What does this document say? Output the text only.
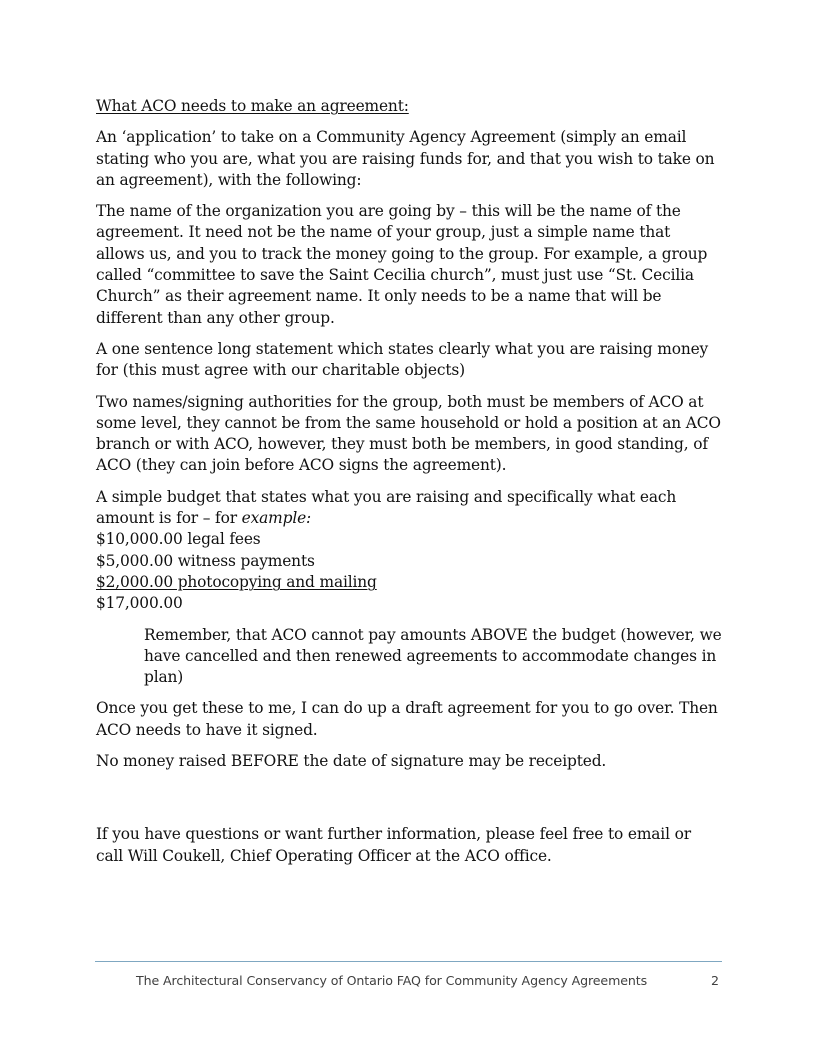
What ACO needs to make an agreement:

An ‘application’ to take on a Community Agency Agreement (simply an email stating who you are, what you are raising funds for, and that you wish to take on an agreement), with the following:

The name of the organization you are going by – this will be the name of the agreement. It need not be the name of your group, just a simple name that allows us, and you to track the money going to the group. For example, a group called “committee to save the Saint Cecilia church”, must just use “St. Cecilia Church” as their agreement name. It only needs to be a name that will be different than any other group.

A one sentence long statement which states clearly what you are raising money for (this must agree with our charitable objects)

Two names/signing authorities for the group, both must be members of ACO at some level, they cannot be from the same household or hold a position at an ACO branch or with ACO, however, they must both be members, in good standing, of ACO (they can join before ACO signs the agreement).

A simple budget that states what you are raising and specifically what each amount is for – for example:
$10,000.00 legal fees
$5,000.00 witness payments
$2,000.00 photocopying and mailing
$17,000.00

Remember, that ACO cannot pay amounts ABOVE the budget (however, we have cancelled and then renewed agreements to accommodate changes in plan)

Once you get these to me, I can do up a draft agreement for you to go over. Then ACO needs to have it signed.

No money raised BEFORE the date of signature may be receipted.

If you have questions or want further information, please feel free to email or call Will Coukell, Chief Operating Officer at the ACO office.

The Architectural Conservancy of Ontario FAQ for Community Agency Agreements	2
